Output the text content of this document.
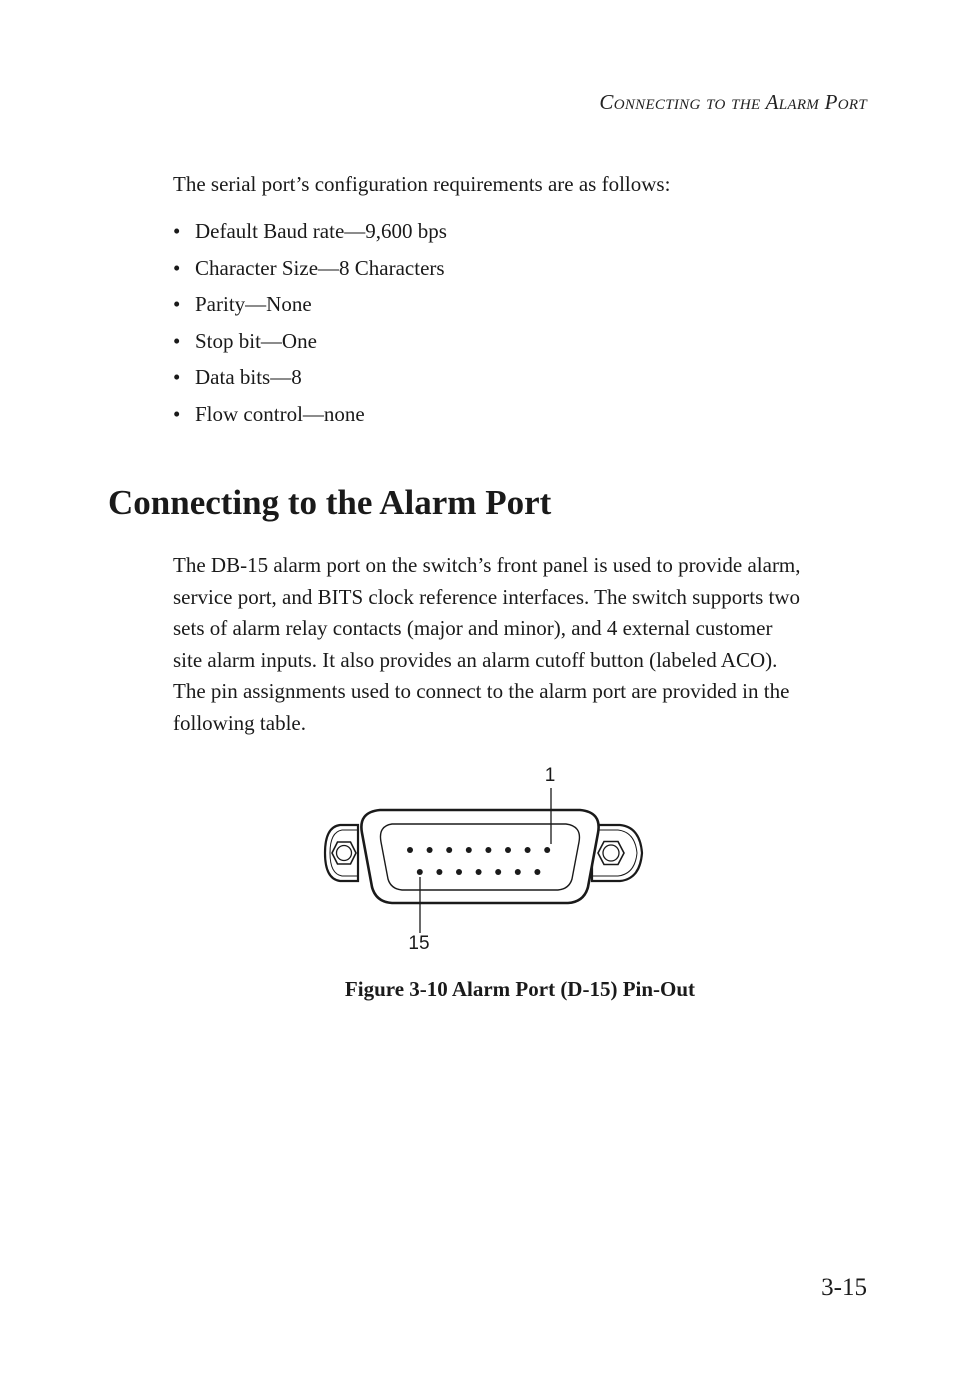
Connecting to the Alarm Port
The serial port’s configuration requirements are as follows:
• Default Baud rate—9,600 bps
• Character Size—8 Characters
• Parity—None
• Stop bit—One
• Data bits—8
• Flow control—none
Connecting to the Alarm Port

The DB-15 alarm port on the switch’s front panel is used to provide alarm,
service port, and BITS clock reference interfaces. The switch supports two
sets of alarm relay contacts (major and minor), and 4 external customer
site alarm inputs. It also provides an alarm cutoff button (labeled ACO).
The pin assignments used to connect to the alarm port are provided in the
following table.

1
15
Figure 3-10 Alarm Port (D-15) Pin-Out
3-15
